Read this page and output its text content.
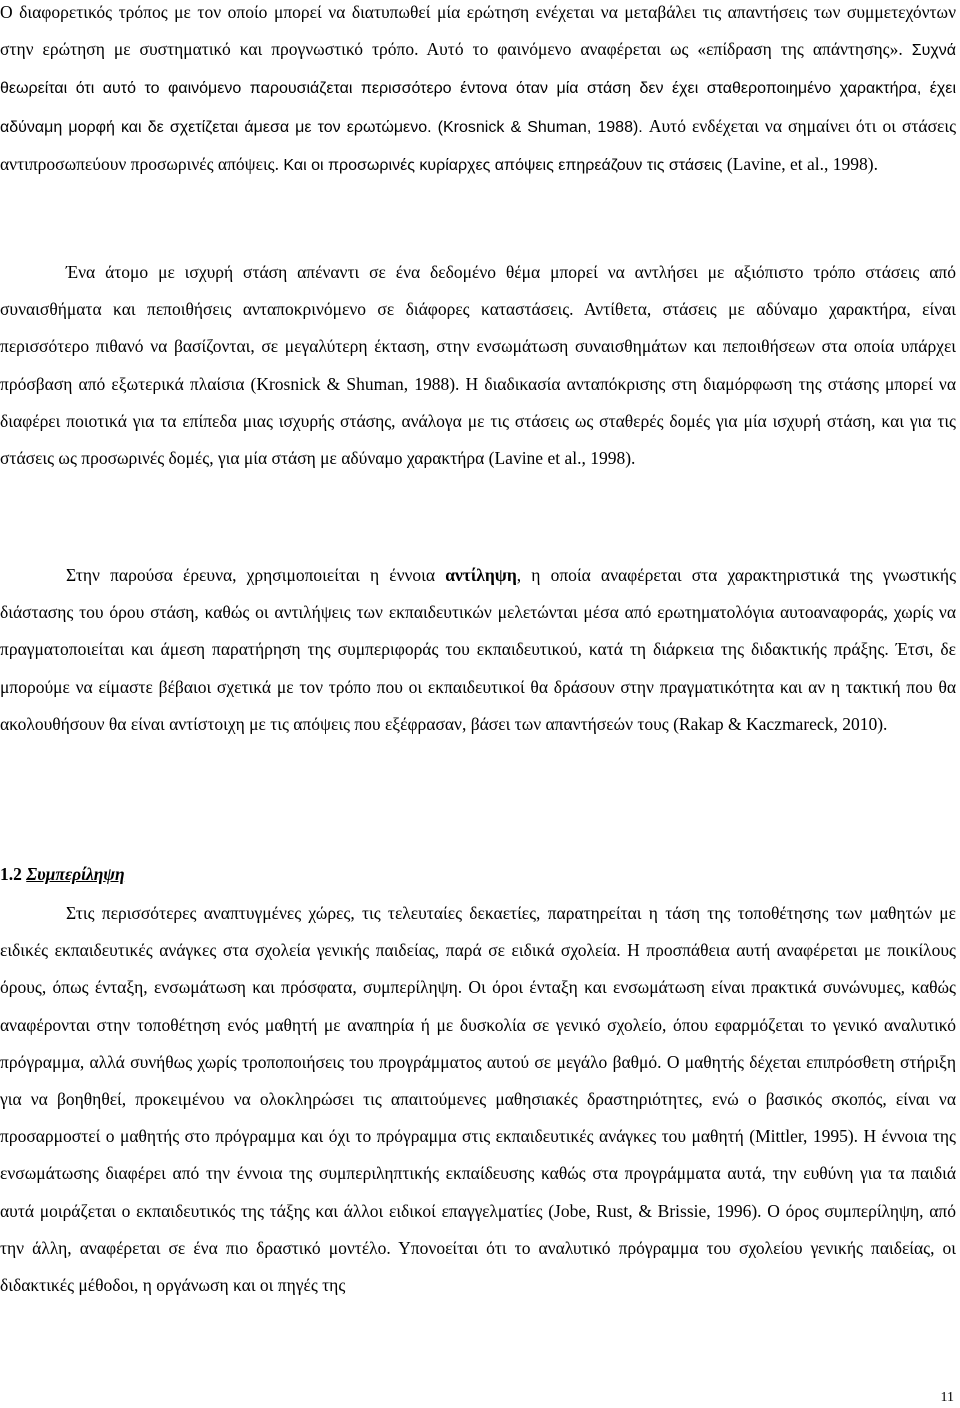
Ο διαφορετικός τρόπος με τον οποίο μπορεί να διατυπωθεί μία ερώτηση ενέχεται να μεταβάλει τις απαντήσεις των συμμετεχόντων στην ερώτηση με συστηματικό και προγνωστικό τρόπο. Αυτό το φαινόμενο αναφέρεται ως «επίδραση της απάντησης». Συχνά θεωρείται ότι αυτό το φαινόμενο παρουσιάζεται περισσότερο έντονα όταν μία στάση δεν έχει σταθεροποιημένο χαρακτήρα, έχει αδύναμη μορφή και δε σχετίζεται άμεσα με τον ερωτώμενο. (Krosnick & Shuman, 1988). Αυτό ενδέχεται να σημαίνει ότι οι στάσεις αντιπροσωπεύουν προσωρινές απόψεις. Και οι προσωρινές κυρίαρχες απόψεις επηρεάζουν τις στάσεις (Lavine, et al., 1998).

Ένα άτομο με ισχυρή στάση απέναντι σε ένα δεδομένο θέμα μπορεί να αντλήσει με αξιόπιστο τρόπο στάσεις από συναισθήματα και πεποιθήσεις ανταποκρινόμενο σε διάφορες καταστάσεις. Αντίθετα, στάσεις με αδύναμο χαρακτήρα, είναι περισσότερο πιθανό να βασίζονται, σε μεγαλύτερη έκταση, στην ενσωμάτωση συναισθημάτων και πεποιθήσεων στα οποία υπάρχει πρόσβαση από εξωτερικά πλαίσια (Krosnick & Shuman, 1988). Η διαδικασία ανταπόκρισης στη διαμόρφωση της στάσης μπορεί να διαφέρει ποιοτικά για τα επίπεδα μιας ισχυρής στάσης, ανάλογα με τις στάσεις ως σταθερές δομές για μία ισχυρή στάση, και για τις στάσεις ως προσωρινές δομές, για μία στάση με αδύναμο χαρακτήρα (Lavine et al., 1998).

Στην παρούσα έρευνα, χρησιμοποιείται η έννοια αντίληψη, η οποία αναφέρεται στα χαρακτηριστικά της γνωστικής διάστασης του όρου στάση, καθώς οι αντιλήψεις των εκπαιδευτικών μελετώνται μέσα από ερωτηματολόγια αυτοαναφοράς, χωρίς να πραγματοποιείται και άμεση παρατήρηση της συμπεριφοράς του εκπαιδευτικού, κατά τη διάρκεια της διδακτικής πράξης. Έτσι, δε μπορούμε να είμαστε βέβαιοι σχετικά με τον τρόπο που οι εκπαιδευτικοί θα δράσουν στην πραγματικότητα και αν η τακτική που θα ακολουθήσουν θα είναι αντίστοιχη με τις απόψεις που εξέφρασαν, βάσει των απαντήσεών τους (Rakap & Kaczmareck, 2010).

1.2 Συμπερίληψη

Στις περισσότερες αναπτυγμένες χώρες, τις τελευταίες δεκαετίες, παρατηρείται η τάση της τοποθέτησης των μαθητών με ειδικές εκπαιδευτικές ανάγκες στα σχολεία γενικής παιδείας, παρά σε ειδικά σχολεία. Η προσπάθεια αυτή αναφέρεται με ποικίλους όρους, όπως ένταξη, ενσωμάτωση και πρόσφατα, συμπερίληψη. Οι όροι ένταξη και ενσωμάτωση είναι πρακτικά συνώνυμες, καθώς αναφέρονται στην τοποθέτηση ενός μαθητή με αναπηρία ή με δυσκολία σε γενικό σχολείο, όπου εφαρμόζεται το γενικό αναλυτικό πρόγραμμα, αλλά συνήθως χωρίς τροποποιήσεις του προγράμματος αυτού σε μεγάλο βαθμό. Ο μαθητής δέχεται επιπρόσθετη στήριξη για να βοηθηθεί, προκειμένου να ολοκληρώσει τις απαιτούμενες μαθησιακές δραστηριότητες, ενώ ο βασικός σκοπός, είναι να προσαρμοστεί ο μαθητής στο πρόγραμμα και όχι το πρόγραμμα στις εκπαιδευτικές ανάγκες του μαθητή (Mittler, 1995). Η έννοια της ενσωμάτωσης διαφέρει από την έννοια της συμπεριληπτικής εκπαίδευσης καθώς στα προγράμματα αυτά, την ευθύνη για τα παιδιά αυτά μοιράζεται ο εκπαιδευτικός της τάξης και άλλοι ειδικοί επαγγελματίες (Jobe, Rust, & Brissie, 1996). Ο όρος συμπερίληψη, από την άλλη, αναφέρεται σε ένα πιο δραστικό μοντέλο. Υπονοείται ότι το αναλυτικό πρόγραμμα του σχολείου γενικής παιδείας, οι διδακτικές μέθοδοι, η οργάνωση και οι πηγές της

11
